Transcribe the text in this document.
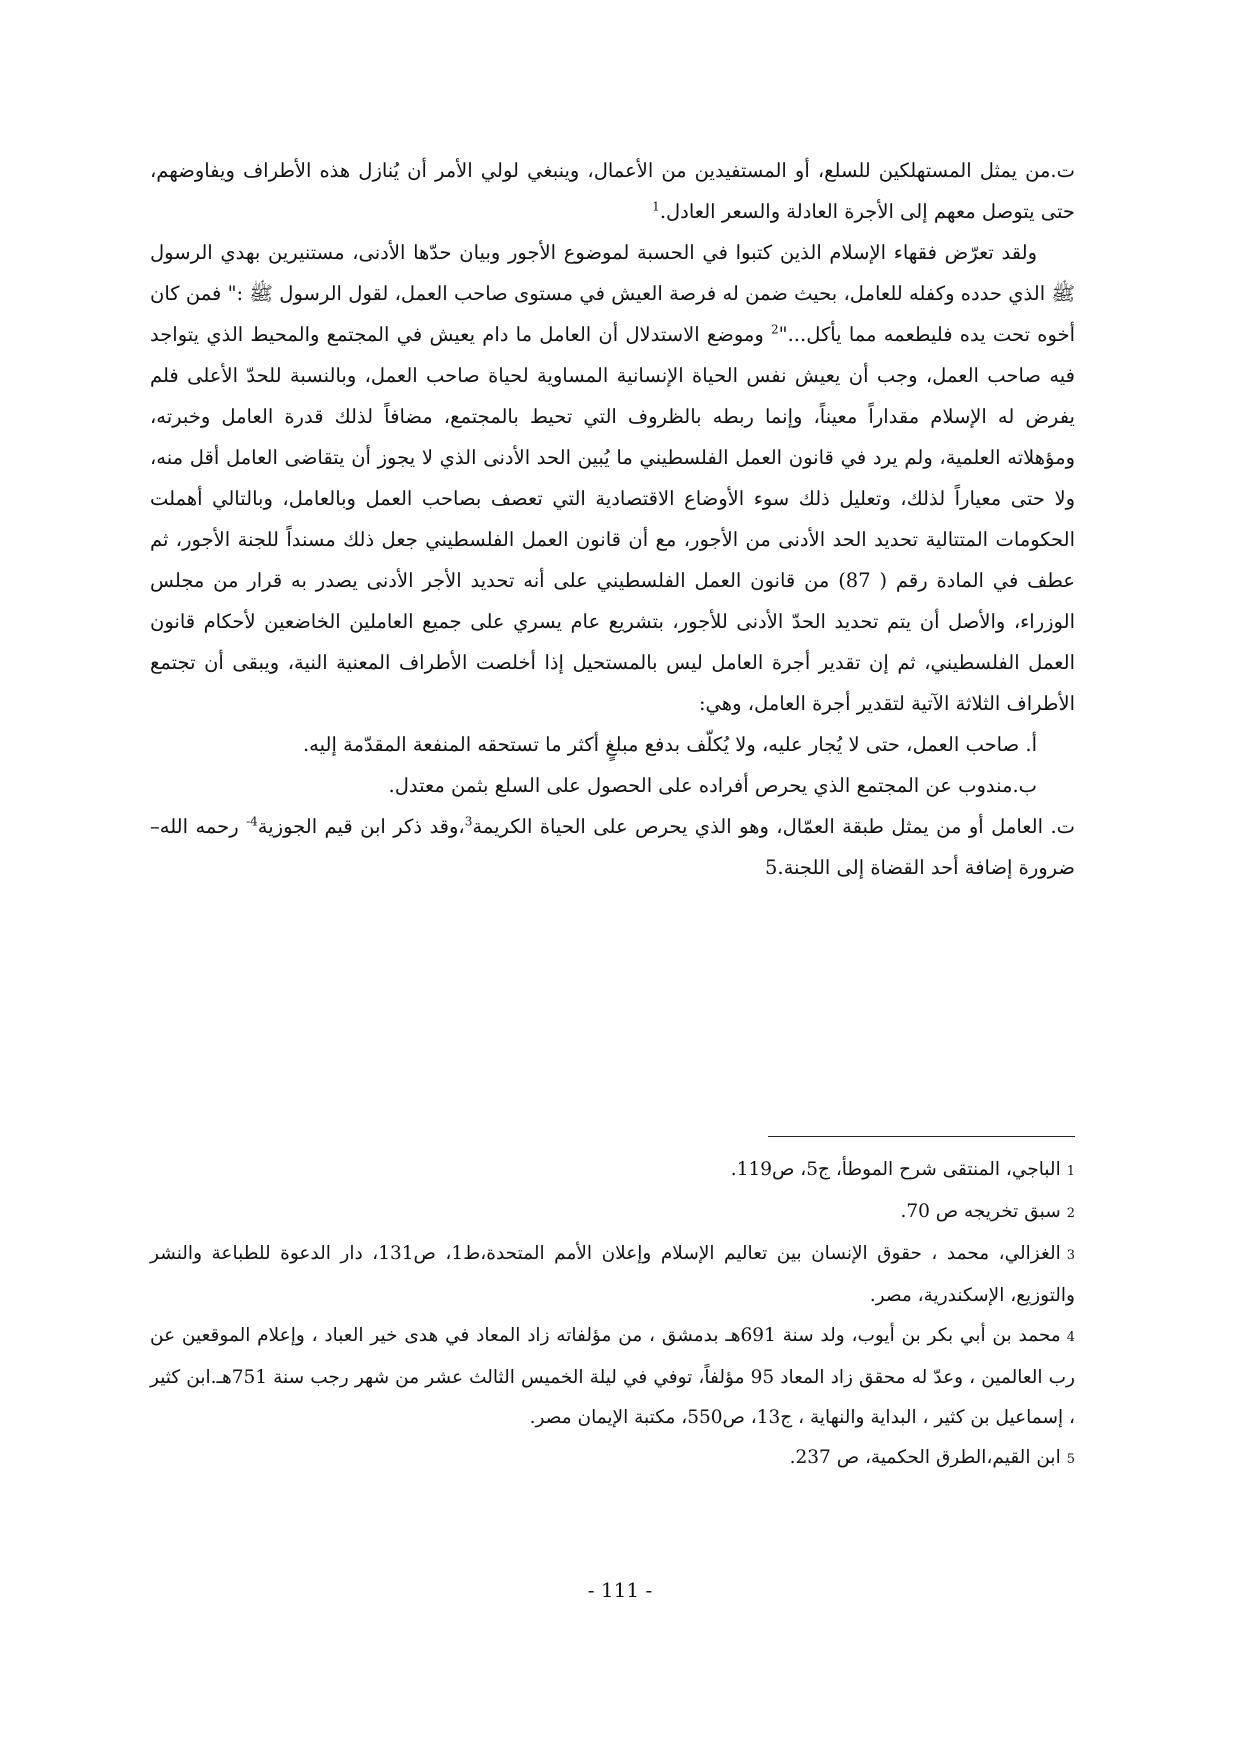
ت.من يمثل المستهلكين للسلع، أو المستفيدين من الأعمال، وينبغي لولي الأمر أن يُنازل هذه الأطراف ويفاوضهم، حتى يتوصل معهم إلى الأجرة العادلة والسعر العادل.$^1$

ولقد تعرّض فقهاء الإسلام الذين كتبوا في الحسبة لموضوع الأجور وبيان حدّها الأدنى، مستنيرين بهدي الرسول ﷺ الذي حدده وكفله للعامل، بحيث ضمن له فرصة العيش في مستوى صاحب العمل، لقول الرسول ﷺ :" فمن كان أخوه تحت يده فليطعمه مما يأكل..."$^2$ وموضع الاستدلال أن العامل ما دام يعيش في المجتمع والمحيط الذي يتواجد فيه صاحب العمل، وجب أن يعيش نفس الحياة الإنسانية المساوية لحياة صاحب العمل، وبالنسبة للحدّ الأعلى فلم يفرض له الإسلام مقداراً معيناً، وإنما ربطه بالظروف التي تحيط بالمجتمع، مضافاً لذلك قدرة العامل وخبرته، ومؤهلاته العلمية، ولم يرد في قانون العمل الفلسطيني ما يُبين الحد الأدنى الذي لا يجوز أن يتقاضى العامل أقل منه، ولا حتى معياراً لذلك، وتعليل ذلك سوء الأوضاع الاقتصادية التي تعصف بصاحب العمل وبالعامل، وبالتالي أهملت الحكومات المتتالية تحديد الحد الأدنى من الأجور، مع أن قانون العمل الفلسطيني جعل ذلك مسنداً للجنة الأجور، ثم عطف في المادة رقم ( 87) من قانون العمل الفلسطيني على أنه تحديد الأجر الأدنى يصدر به قرار من مجلس الوزراء، والأصل أن يتم تحديد الحدّ الأدنى للأجور، بتشريع عام يسري على جميع العاملين الخاضعين لأحكام قانون العمل الفلسطيني، ثم إن تقدير أجرة العامل ليس بالمستحيل إذا أخلصت الأطراف المعنية النية، ويبقى أن تجتمع الأطراف الثلاثة الآتية لتقدير أجرة العامل، وهي:

أ. صاحب العمل، حتى لا يُجار عليه، ولا يُكلّف بدفع مبلغٍ أكثر ما تستحقه المنفعة المقدّمة إليه.

ب.مندوب عن المجتمع الذي يحرص أفراده على الحصول على السلع بثمن معتدل.

ت. العامل أو من يمثل طبقة العمّال، وهو الذي يحرص على الحياة الكريمة$^3$،وقد ذكر ابن قيم الجوزية$^{4-}$ رحمه الله– ضرورة إضافة أحد القضاة إلى اللجنة.5

1الباجي، المنتقى شرح الموطأ، ج5، ص119.

2سبق تخريجه ص 70.

3الغزالي، محمد ، حقوق الإنسان بين تعاليم الإسلام وإعلان الأمم المتحدة،ط1، ص131، دار الدعوة للطباعة والنشر والتوزيع، الإسكندرية، مصر.

4محمد بن أبي بكر بن أيوب، ولد سنة 691هـ بدمشق ، من مؤلفاته زاد المعاد في هدى خير العباد ، وإعلام الموقعين عن رب العالمين ، وعدّ له محقق زاد المعاد 95 مؤلفاً، توفي في ليلة الخميس الثالث عشر من شهر رجب سنة 751هـ.ابن كثير ، إسماعيل بن كثير ، البداية والنهاية ، ج13، ص550، مكتبة الإيمان مصر.

5ابن القيم،الطرق الحكمية، ص 237.

- 111 -
